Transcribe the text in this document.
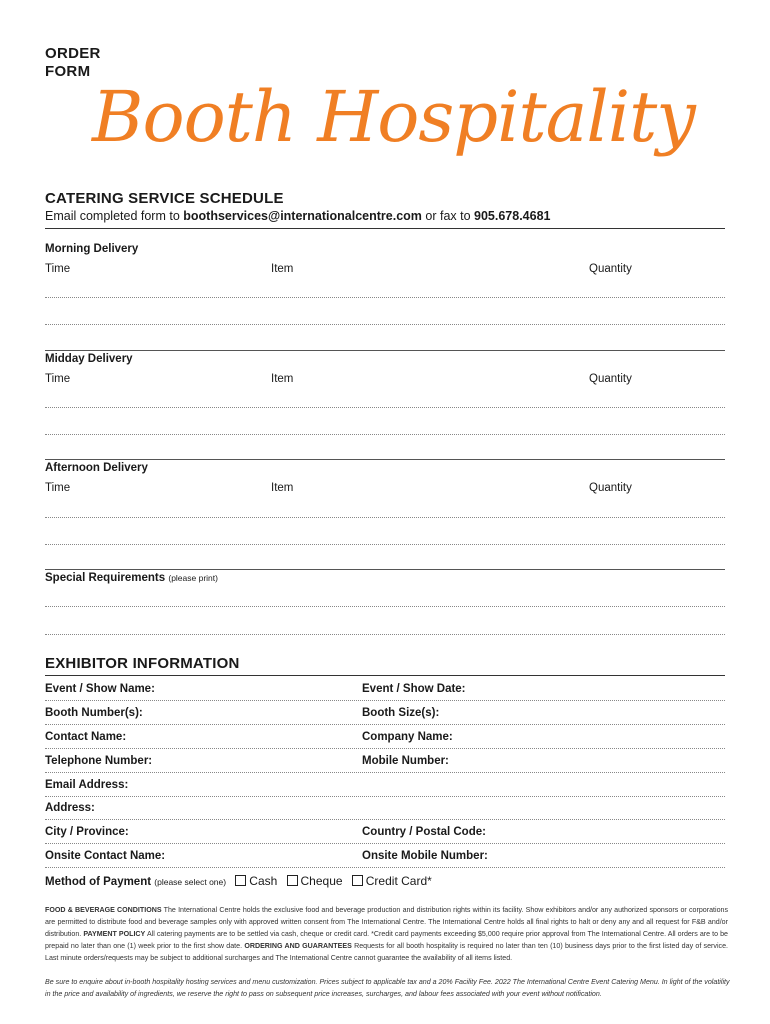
ORDER
FORM
Booth Hospitality
CATERING SERVICE SCHEDULE
Email completed form to boothservices@internationalcentre.com or fax to 905.678.4681
Morning Delivery
Time	Item	Quantity
Midday Delivery
Time	Item	Quantity
Afternoon Delivery
Time	Item	Quantity
Special Requirements (please print)
EXHIBITOR INFORMATION
Event / Show Name:	Event / Show Date:
Booth Number(s):	Booth Size(s):
Contact Name:	Company Name:
Telephone Number:	Mobile Number:
Email Address:
Address:
City / Province:	Country / Postal Code:
Onsite Contact Name:	Onsite Mobile Number:
Method of Payment (please select one) Cash Cheque Credit Card*
FOOD & BEVERAGE CONDITIONS The International Centre holds the exclusive food and beverage production and distribution rights within its facility. Show exhibitors and/or any authorized sponsors or corporations are permitted to distribute food and beverage samples only with approved written consent from The International Centre. The International Centre holds all final rights to halt or deny any and all request for F&B and/or distribution. PAYMENT POLICY All catering payments are to be settled via cash, cheque or credit card. *Credit card payments exceeding $5,000 require prior approval from The International Centre. All orders are to be prepaid no later than one (1) week prior to the first show date. ORDERING AND GUARANTEES Requests for all booth hospitality is required no later than ten (10) business days prior to the first listed day of service. Last minute orders/requests may be subject to additional surcharges and The International Centre cannot guarantee the availability of all items listed.
Be sure to enquire about in-booth hospitality hosting services and menu customization. Prices subject to applicable tax and a 20% Facility Fee. 2022 The International Centre Event Catering Menu. In light of the volatility in the price and availability of ingredients, we reserve the right to pass on subsequent price increases, surcharges, and labour fees associated with your event without notification.
